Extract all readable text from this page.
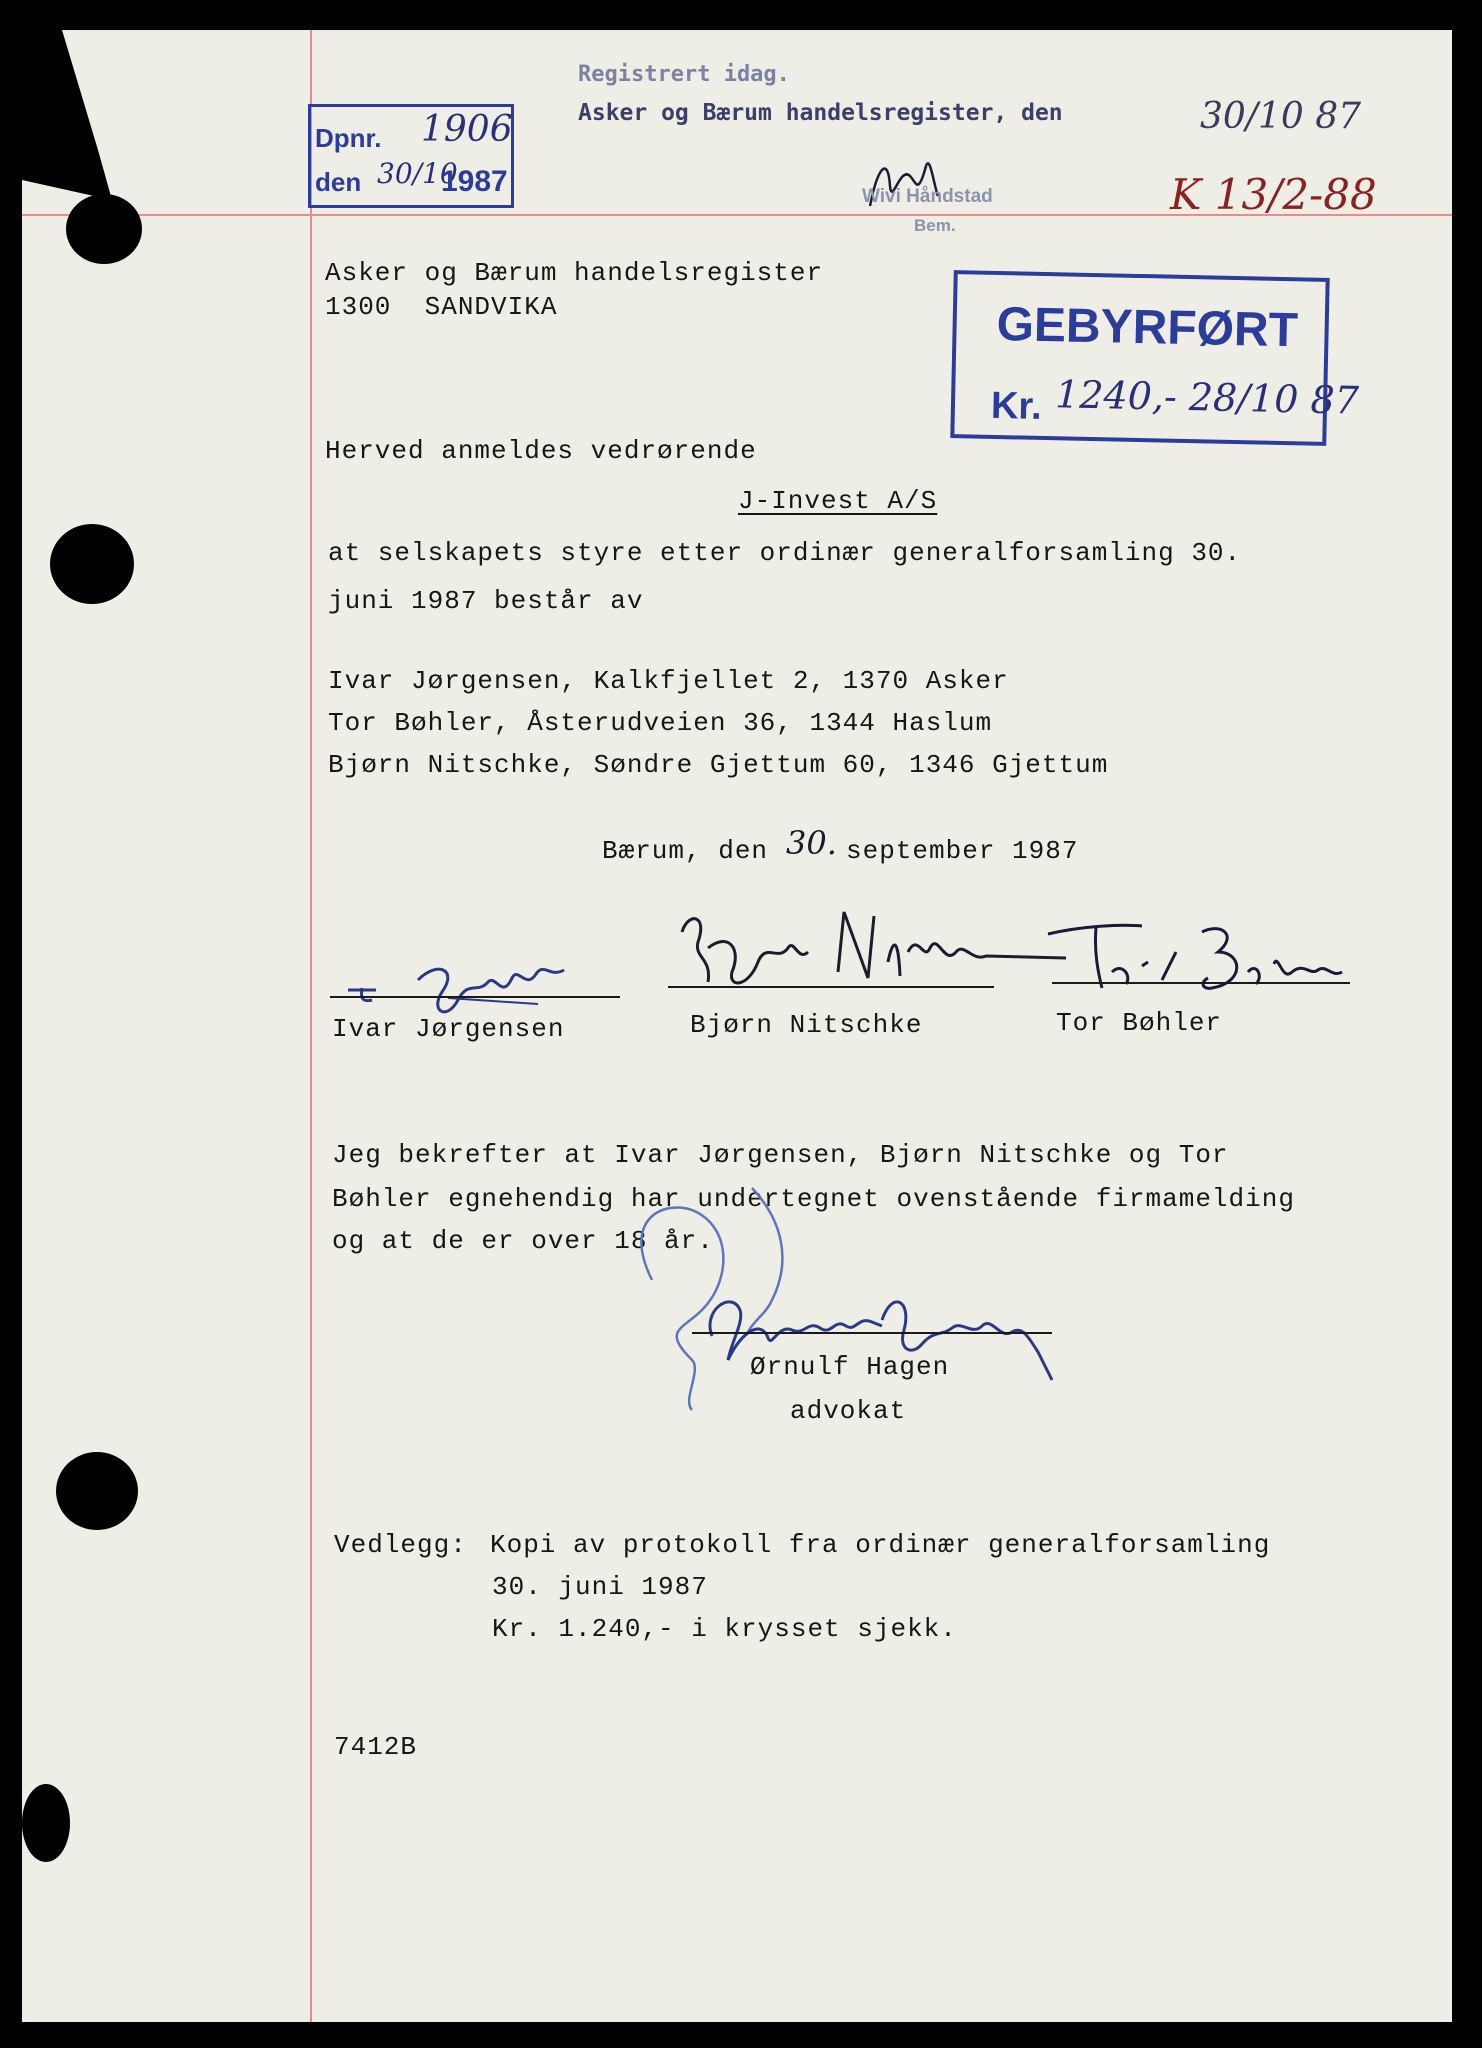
Registrert idag.
Asker og Bærum handelsregister, den	30/10 87
K 13/2-88
Wivi Håndstad
Bem.
Dpnr. 1906
den 30/10
1987
GEBYRFØRT
Kr. 1240,- 28/10 87
Asker og Bærum handelsregister
1300  SANDVIKA
Herved anmeldes vedrørende
J-Invest A/S
at selskapets styre etter ordinær generalforsamling 30.
juni 1987 består av
Ivar Jørgensen, Kalkfjellet 2, 1370 Asker
Tor Bøhler, Åsterudveien 36, 1344 Haslum
Bjørn Nitschke, Søndre Gjettum 60, 1346 Gjettum
Bærum, den 30. september 1987
Ivar Jørgensen	Bjørn Nitschke	Tor Bøhler
Jeg bekrefter at Ivar Jørgensen, Bjørn Nitschke og Tor
Bøhler egnehendig har undertegnet ovenstående firmamelding
og at de er over 18 år.
Ørnulf Hagen
advokat
Vedlegg: Kopi av protokoll fra ordinær generalforsamling
30. juni 1987
Kr. 1.240,- i krysset sjekk.
7412B
